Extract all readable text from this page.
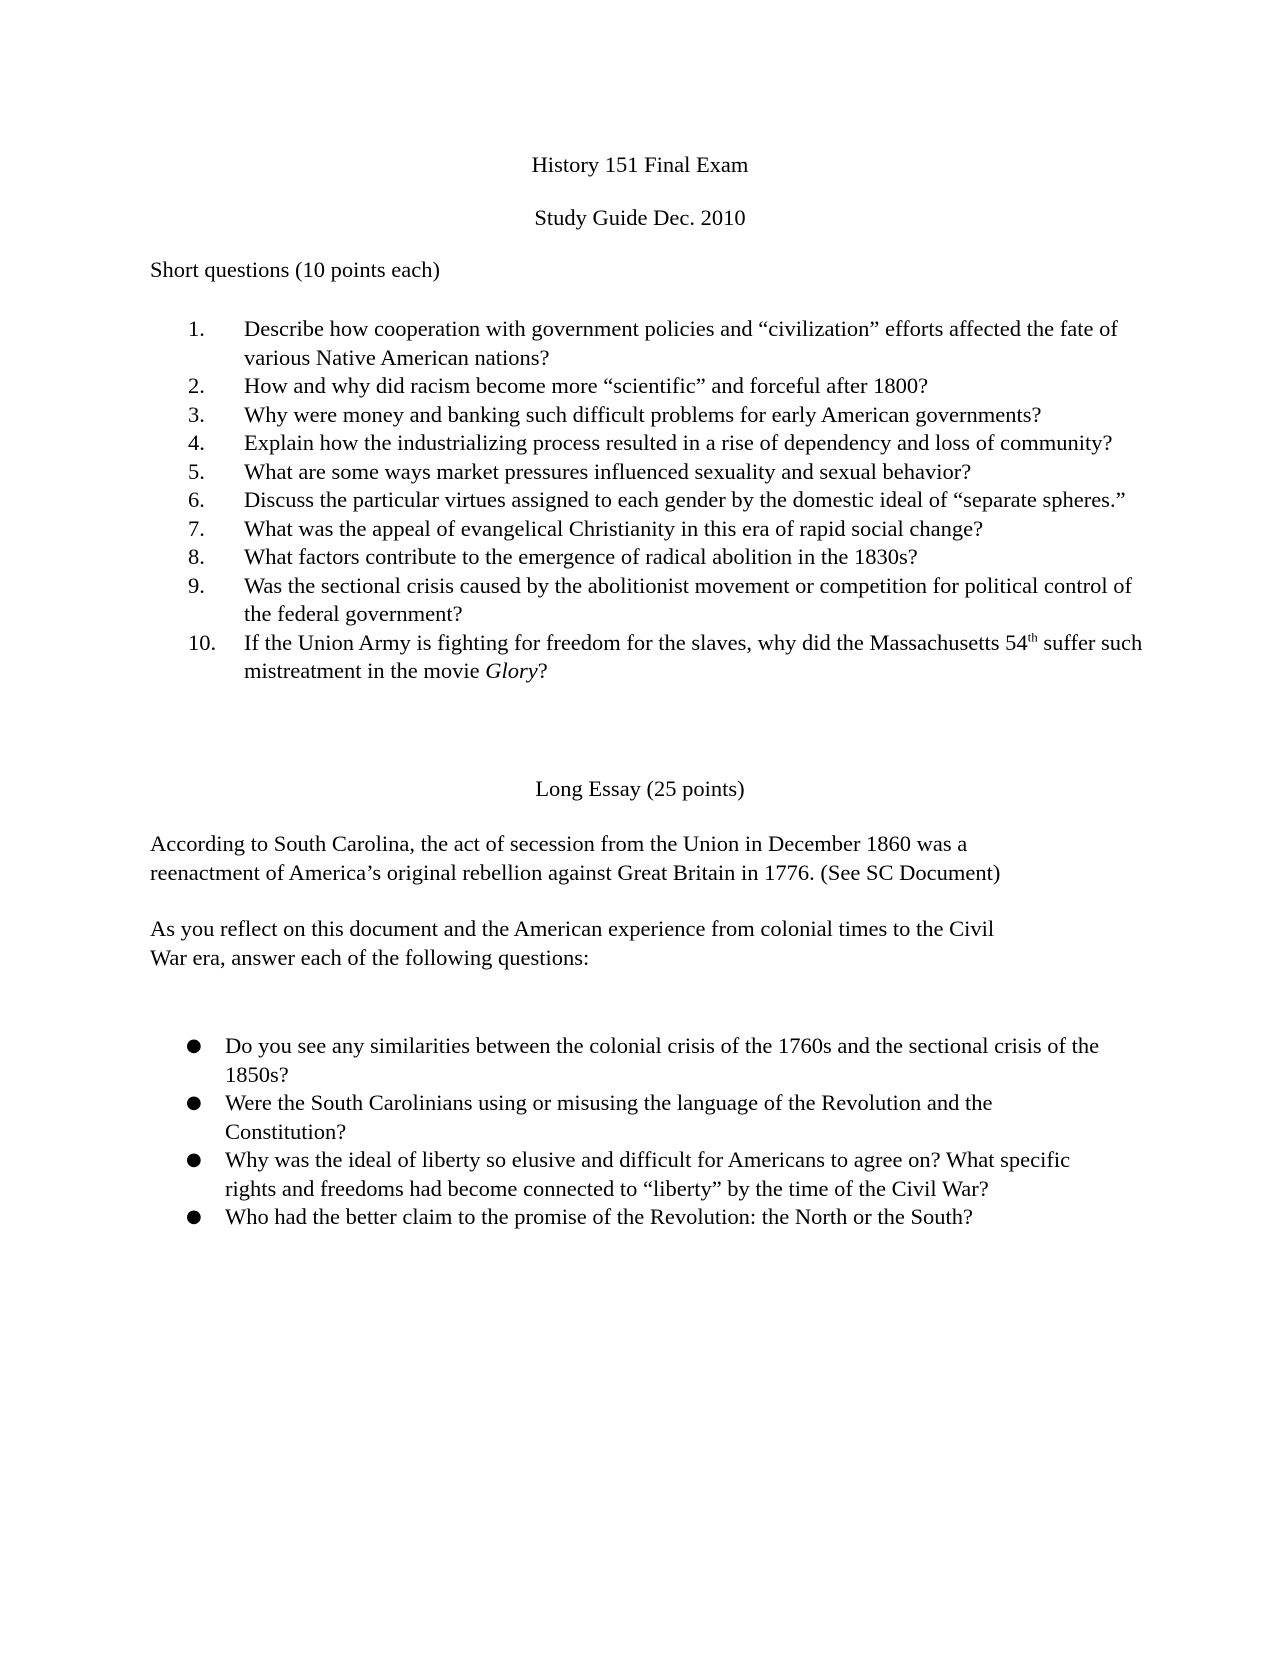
History 151 Final Exam
Study Guide Dec. 2010
Short questions (10 points each)
1. Describe how cooperation with government policies and “civilization” efforts affected the fate of various Native American nations?
2. How and why did racism become more “scientific” and forceful after 1800?
3. Why were money and banking such difficult problems for early American governments?
4. Explain how the industrializing process resulted in a rise of dependency and loss of community?
5. What are some ways market pressures influenced sexuality and sexual behavior?
6. Discuss the particular virtues assigned to each gender by the domestic ideal of “separate spheres.”
7. What was the appeal of evangelical Christianity in this era of rapid social change?
8. What factors contribute to the emergence of radical abolition in the 1830s?
9. Was the sectional crisis caused by the abolitionist movement or competition for political control of the federal government?
10. If the Union Army is fighting for freedom for the slaves, why did the Massachusetts 54th suffer such mistreatment in the movie Glory?
Long Essay (25 points)
According to South Carolina, the act of secession from the Union in December 1860 was a
reenactment of America’s original rebellion against Great Britain in 1776. (See SC Document)
As you reflect on this document and the American experience from colonial times to the Civil
War era, answer each of the following questions:
● Do you see any similarities between the colonial crisis of the 1760s and the sectional crisis of the 1850s?
● Were the South Carolinians using or misusing the language of the Revolution and the Constitution?
● Why was the ideal of liberty so elusive and difficult for Americans to agree on? What specific rights and freedoms had become connected to “liberty” by the time of the Civil War?
● Who had the better claim to the promise of the Revolution: the North or the South?
